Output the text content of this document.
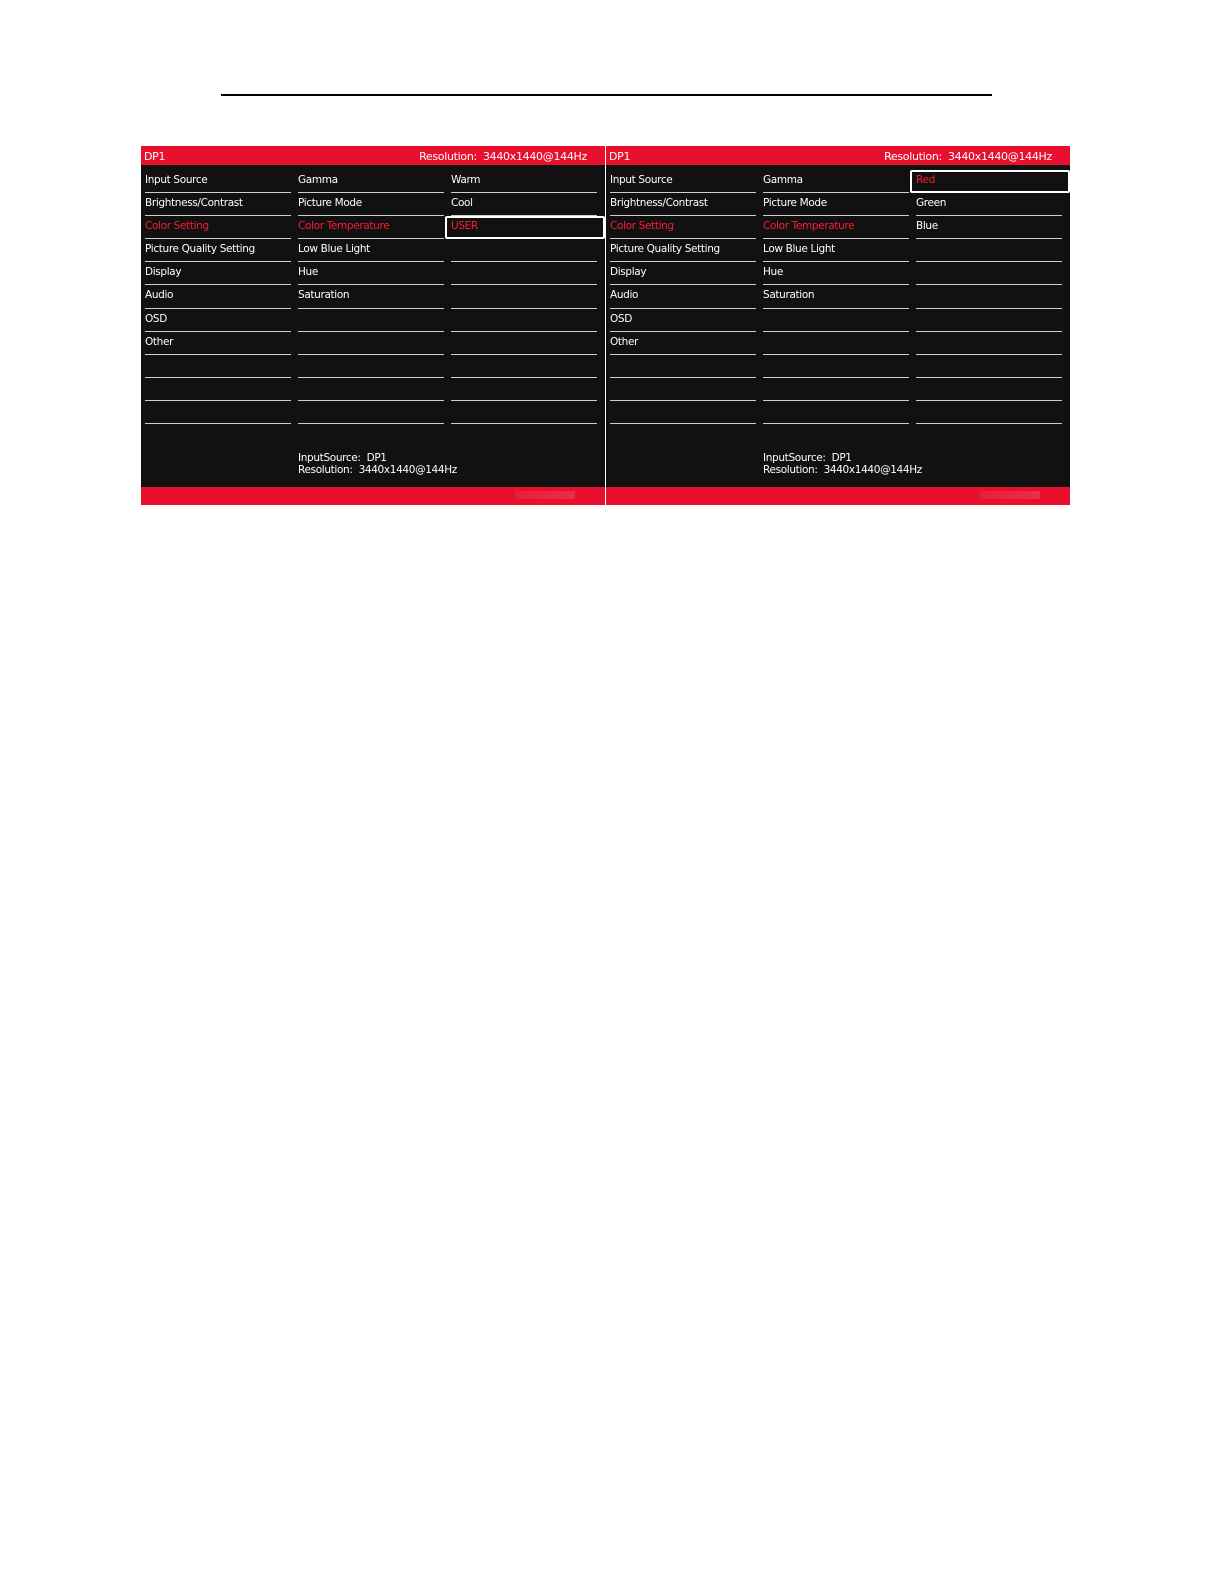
DP1	Resolution: 3440x1440@144Hz
Input Source
Brightness/Contrast
Color Setting
Picture Quality Setting
Display
Audio
OSD
Other
Gamma
Picture Mode
Color Temperature
Low Blue Light
Hue
Saturation
Warm
Cool
USER
InputSource: DP1
Resolution: 3440x1440@144Hz
DP1	Resolution: 3440x1440@144Hz
Input Source
Brightness/Contrast
Color Setting
Picture Quality Setting
Display
Audio
OSD
Other
Gamma
Picture Mode
Color Temperature
Low Blue Light
Hue
Saturation
Red
Green
Blue
InputSource: DP1
Resolution: 3440x1440@144Hz
